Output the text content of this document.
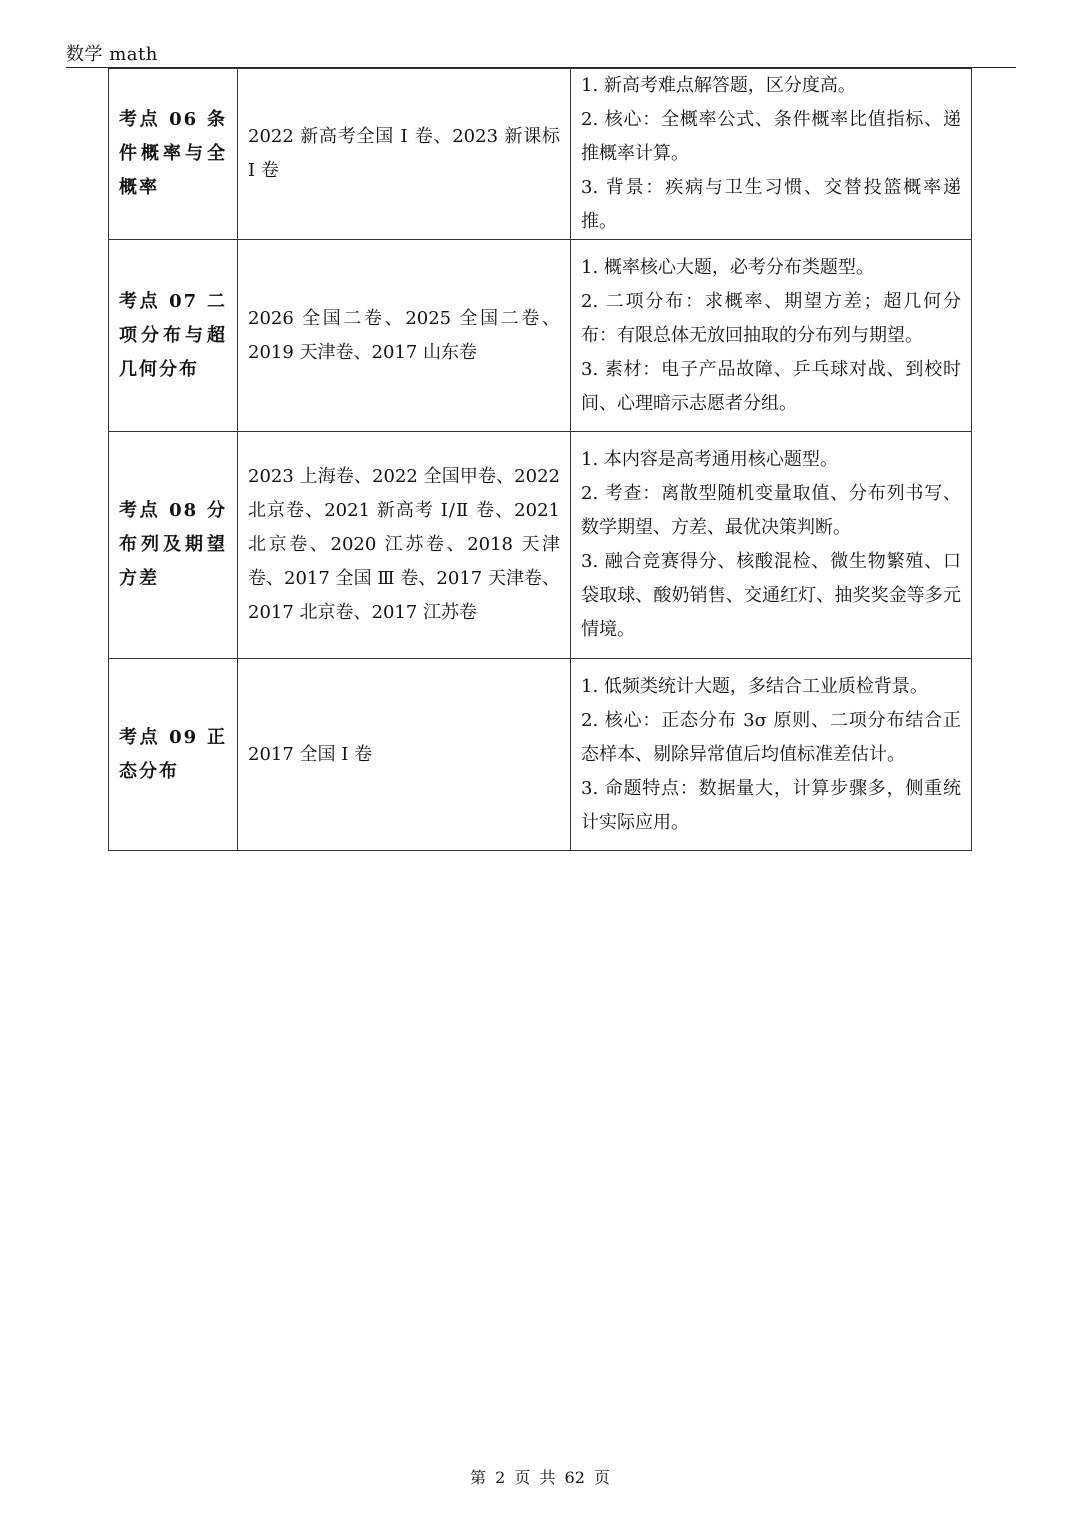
数学 math
考点 06 条件概率与全概率	2022 新高考全国 Ⅰ 卷、2023 新课标 Ⅰ 卷	1. 新高考难点解答题，区分度高。
2. 核心：全概率公式、条件概率比值指标、递推概率计算。
3. 背景：疾病与卫生习惯、交替投篮概率递推。

考点 07 二项分布与超几何分布	2026 全国二卷、2025 全国二卷、2019 天津卷、2017 山东卷	1. 概率核心大题，必考分布类题型。
2. 二项分布：求概率、期望方差；超几何分布：有限总体无放回抽取的分布列与期望。
3. 素材：电子产品故障、乒乓球对战、到校时间、心理暗示志愿者分组。

考点 08 分布列及期望方差	2023 上海卷、2022 全国甲卷、2022 北京卷、2021 新高考 Ⅰ/Ⅱ 卷、2021 北京卷、2020 江苏卷、2018 天津卷、2017 全国 Ⅲ 卷、2017 天津卷、2017 北京卷、2017 江苏卷	1. 本内容是高考通用核心题型。
2. 考查：离散型随机变量取值、分布列书写、数学期望、方差、最优决策判断。
3. 融合竞赛得分、核酸混检、微生物繁殖、口袋取球、酸奶销售、交通红灯、抽奖奖金等多元情境。

考点 09 正态分布	2017 全国 Ⅰ 卷	1. 低频类统计大题，多结合工业质检背景。
2. 核心：正态分布 3σ 原则、二项分布结合正态样本、剔除异常值后均值标准差估计。
3. 命题特点：数据量大，计算步骤多，侧重统计实际应用。
第 2 页 共 62 页
